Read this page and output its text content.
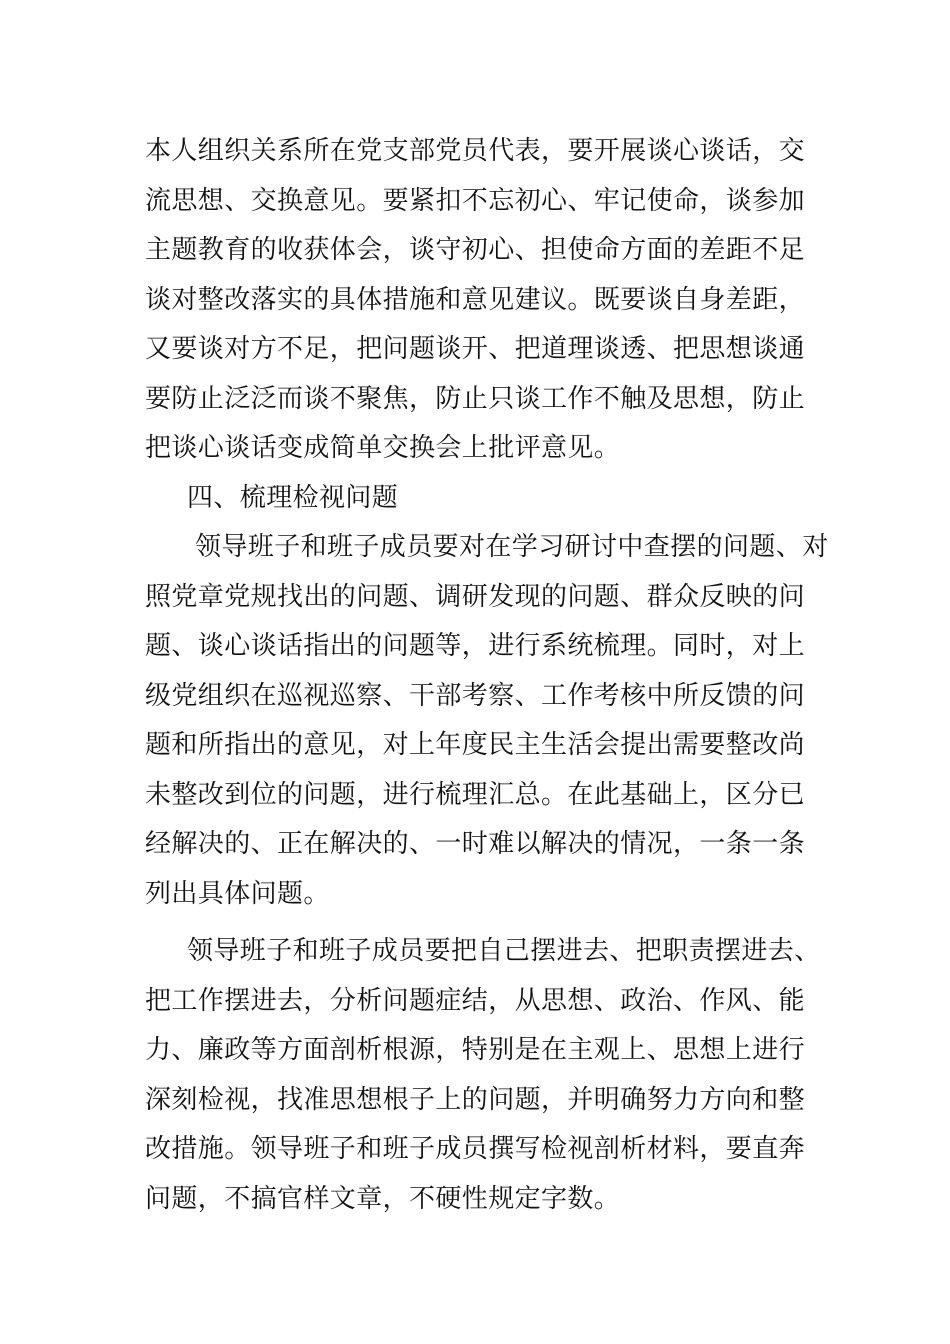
本人组织关系所在党支部党员代表，要开展谈心谈话，交
流思想、交换意见。要紧扣不忘初心、牢记使命，谈参加
主题教育的收获体会，谈守初心、担使命方面的差距不足
谈对整改落实的具体措施和意见建议。既要谈自身差距，
又要谈对方不足，把问题谈开、把道理谈透、把思想谈通
要防止泛泛而谈不聚焦，防止只谈工作不触及思想，防止
把谈心谈话变成简单交换会上批评意见。
四、梳理检视问题
领导班子和班子成员要对在学习研讨中查摆的问题、对
照党章党规找出的问题、调研发现的问题、群众反映的问
题、谈心谈话指出的问题等，进行系统梳理。同时，对上
级党组织在巡视巡察、干部考察、工作考核中所反馈的问
题和所指出的意见，对上年度民主生活会提出需要整改尚
未整改到位的问题，进行梳理汇总。在此基础上，区分已
经解决的、正在解决的、一时难以解决的情况，一条一条
列出具体问题。
领导班子和班子成员要把自己摆进去、把职责摆进去、
把工作摆进去，分析问题症结，从思想、政治、作风、能
力、廉政等方面剖析根源，特别是在主观上、思想上进行
深刻检视，找准思想根子上的问题，并明确努力方向和整
改措施。领导班子和班子成员撰写检视剖析材料，要直奔
问题，不搞官样文章，不硬性规定字数。
